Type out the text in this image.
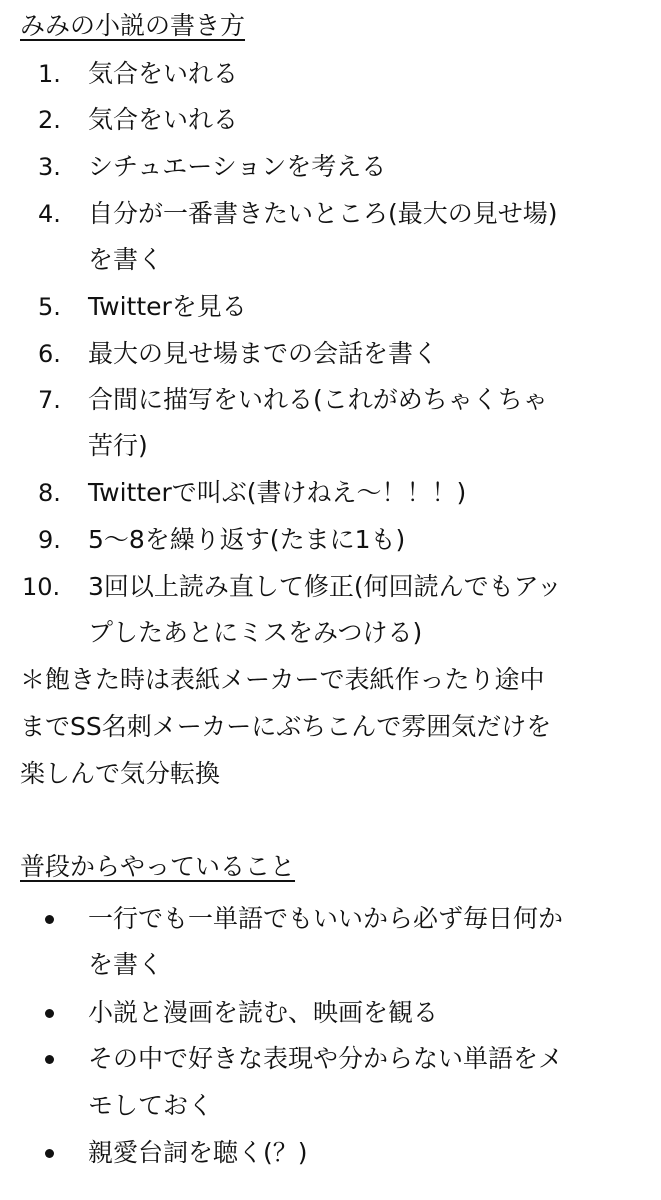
みみの小説の書き方
1. 気合をいれる
2. 気合をいれる
3. シチュエーションを考える
4. 自分が一番書きたいところ(最大の見せ場)
を書く
5. Twitterを見る
6. 最大の見せ場までの会話を書く
7. 合間に描写をいれる(これがめちゃくちゃ
苦行)
8. Twitterで叫ぶ(書けねえ〜！！！)
9. 5〜8を繰り返す(たまに1も)
10. 3回以上読み直して修正(何回読んでもアッ
プしたあとにミスをみつける)
＊飽きた時は表紙メーカーで表紙作ったり途中
までSS名刺メーカーにぶちこんで雰囲気だけを
楽しんで気分転換
普段からやっていること
一行でも一単語でもいいから必ず毎日何か
を書く
小説と漫画を読む、映画を観る
その中で好きな表現や分からない単語をメ
モしておく
親愛台詞を聴く(？)
